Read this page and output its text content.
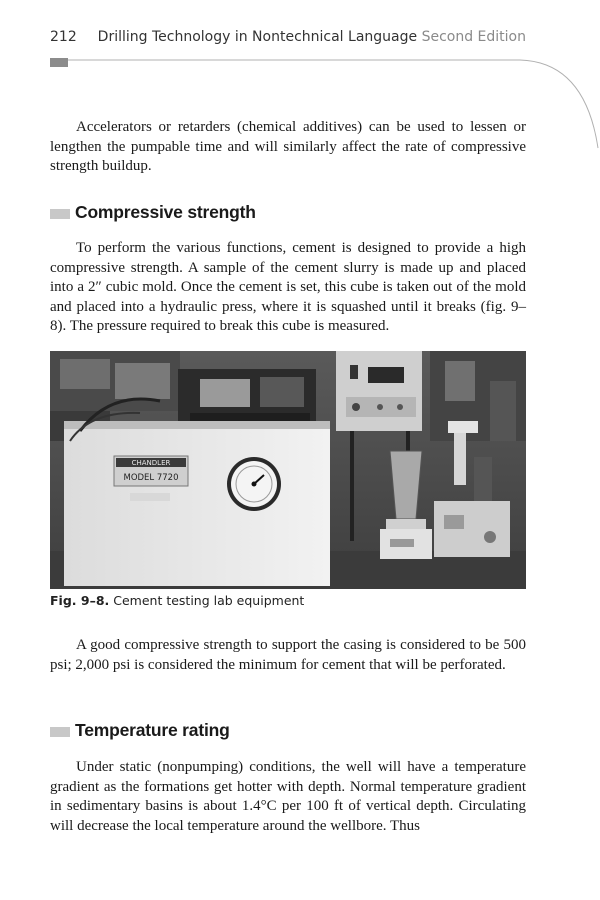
212 Drilling Technology in Nontechnical Language Second Edition

Accelerators or retarders (chemical additives) can be used to lessen or lengthen the pumpable time and will similarly affect the rate of compressive strength buildup.

Compressive strength

To perform the various functions, cement is designed to provide a high compressive strength. A sample of the cement slurry is made up and placed into a 2″ cubic mold. Once the cement is set, this cube is taken out of the mold and placed into a hydraulic press, where it is squashed until it breaks (fig. 9–8). The pressure required to break this cube is measured.

CHANDLER
MODEL 7720
Fig. 9–8. Cement testing lab equipment

A good compressive strength to support the casing is considered to be 500 psi; 2,000 psi is considered the minimum for cement that will be perforated.

Temperature rating

Under static (nonpumping) conditions, the well will have a temperature gradient as the formations get hotter with depth. Normal temperature gradient in sedimentary basins is about 1.4°C per 100 ft of vertical depth. Circulating will decrease the local temperature around the wellbore. Thus
